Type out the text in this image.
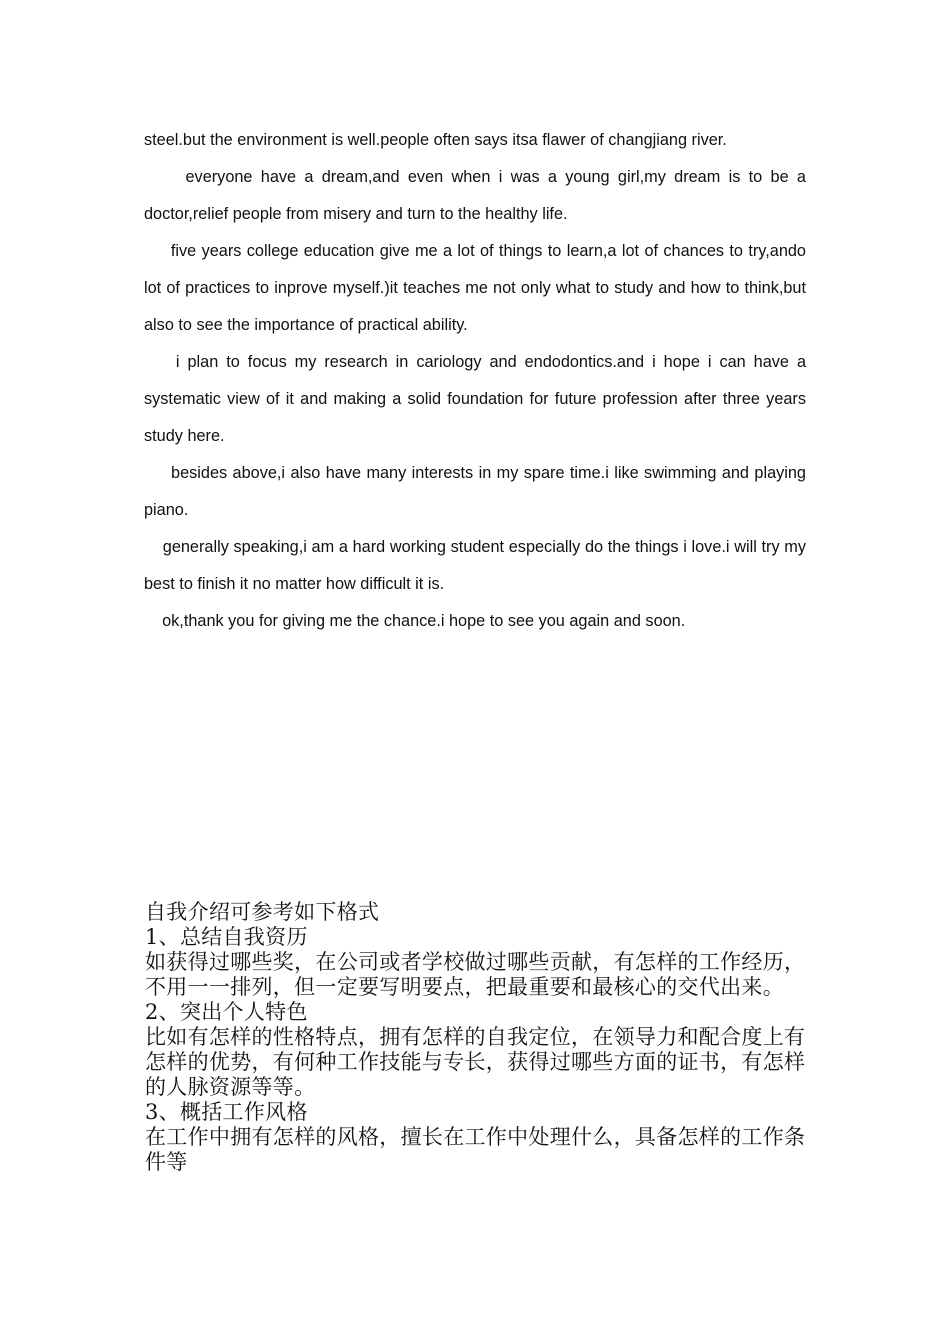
steel.but the environment is well.people often says itsa flawer of changjiang river.

everyone have a dream,and even when i was a young girl,my dream is to be a doctor,relief people from misery and turn to the healthy life.

five years college education give me a lot of things to learn,a lot of chances to try,ando lot of practices to inprove myself.)it teaches me not only what to study and how to think,but also to see the importance of practical ability.

i plan to focus my research in cariology and endodontics.and i hope i can have a systematic view of it and making a solid foundation for future profession after three years study here.

besides above,i also have many interests in my spare time.i like swimming and playing piano.

generally speaking,i am a hard working student especially do the things i love.i will try my best to finish it no matter how difficult it is.

ok,thank you for giving me the chance.i hope to see you again and soon.

自我介绍可参考如下格式

1、总结自我资历

如获得过哪些奖，在公司或者学校做过哪些贡献，有怎样的工作经历，不用一一排列，但一定要写明要点，把最重要和最核心的交代出来。

2、突出个人特色

比如有怎样的性格特点，拥有怎样的自我定位，在领导力和配合度上有怎样的优势，有何种工作技能与专长，获得过哪些方面的证书，有怎样的人脉资源等等。

3、概括工作风格

在工作中拥有怎样的风格，擅长在工作中处理什么，具备怎样的工作条件等
